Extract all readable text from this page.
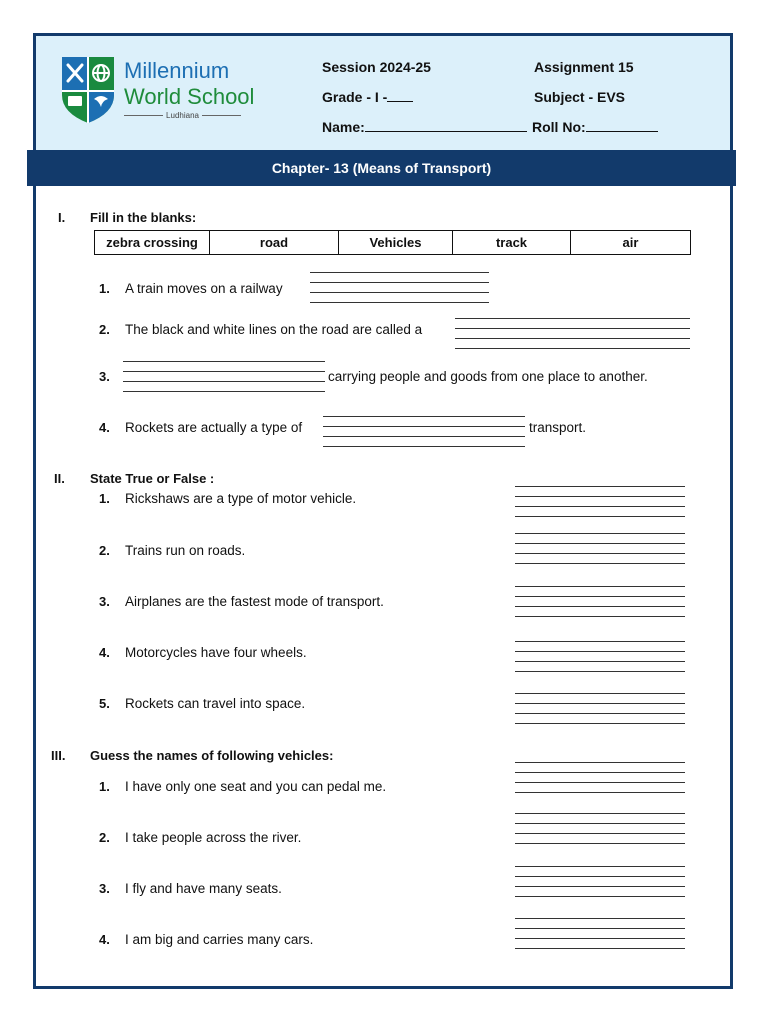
Millennium
World School
Ludhiana
Session 2024-25	Assignment 15
Grade - I -	Subject - EVS
Name:	Roll No:
Chapter- 13 (Means of Transport)
I. Fill in the blanks:
zebra crossing	road	Vehicles	track	air
1. A train moves on a railway
2. The black and white lines on the road are called a
3.	carrying people and goods from one place to another.
4. Rockets are actually a type of	transport.
II. State True or False :
1. Rickshaws are a type of motor vehicle.
2. Trains run on roads.
3. Airplanes are the fastest mode of transport.
4. Motorcycles have four wheels.
5. Rockets can travel into space.
III. Guess the names of following vehicles:
1. I have only one seat and you can pedal me.
2. I take people across the river.
3. I fly and have many seats.
4. I am big and carries many cars.
